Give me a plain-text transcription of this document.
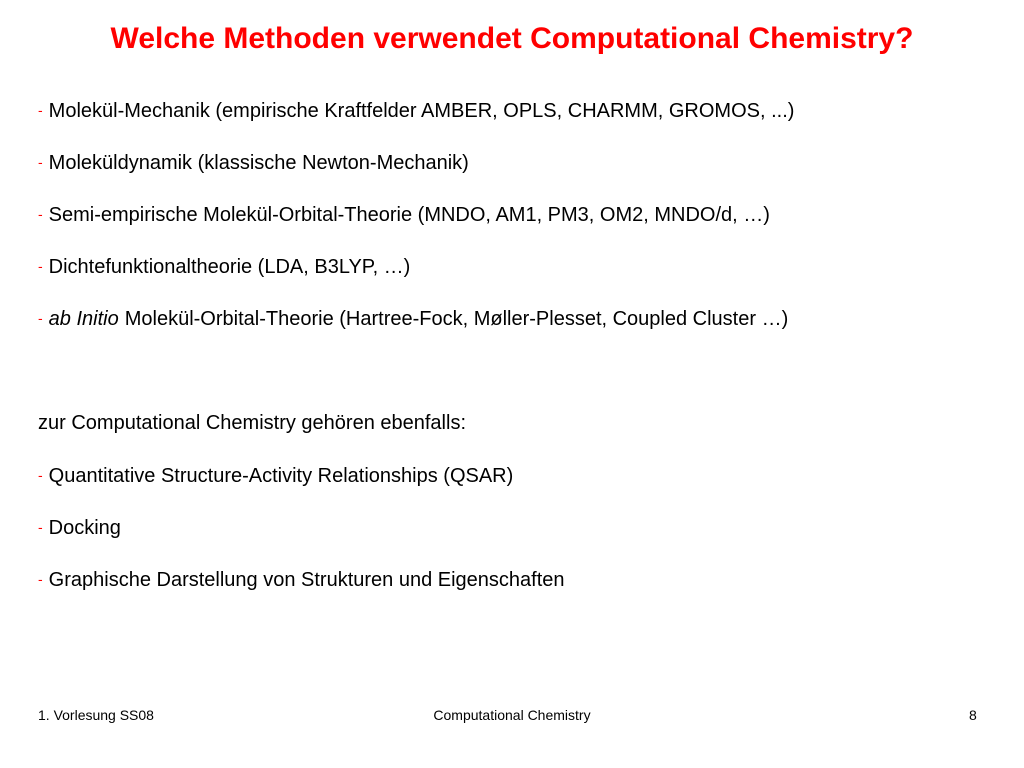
Welche Methoden verwendet Computational Chemistry?
- Molekül-Mechanik (empirische Kraftfelder AMBER, OPLS, CHARMM, GROMOS, ...)
- Moleküldynamik (klassische Newton-Mechanik)
- Semi-empirische Molekül-Orbital-Theorie (MNDO, AM1, PM3, OM2, MNDO/d, …)
- Dichtefunktionaltheorie (LDA, B3LYP, …)
- ab Initio Molekül-Orbital-Theorie (Hartree-Fock, Møller-Plesset, Coupled Cluster …)
zur Computational Chemistry gehören ebenfalls:
- Quantitative Structure-Activity Relationships (QSAR)
- Docking
- Graphische Darstellung von Strukturen und Eigenschaften
1. Vorlesung SS08	Computational Chemistry	8
